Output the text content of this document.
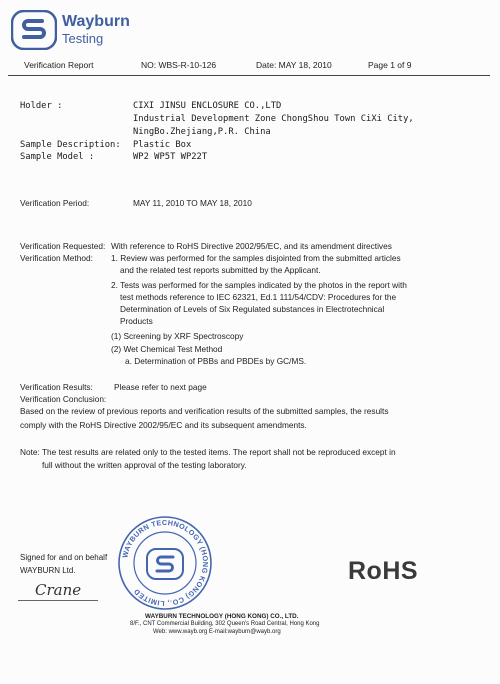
Wayburn
Testing
Verification Report	NO: WBS-R-10-126	Date: MAY 18, 2010	Page 1 of 9
Holder :	CIXI JINSU ENCLOSURE CO.,LTD
Industrial Development Zone ChongShou Town CiXi City,
NingBo.Zhejiang,P.R. China
Sample Description: Plastic Box
Sample Model :	WP2 WP5T WP22T
Verification Period:	MAY 11, 2010 TO MAY 18, 2010
Verification Requested: With reference to RoHS Directive 2002/95/EC, and its amendment directives
Verification Method: 1. Review was performed for the samples disjointed from the submitted articles
and the related test reports submitted by the Applicant.
2. Tests was performed for the samples indicated by the photos in the report with
test methods reference to IEC 62321, Ed.1 111/54/CDV: Procedures for the
Determination of Levels of Six Regulated substances in Electrotechnical
Products
(1) Screening by XRF Spectroscopy
(2) Wet Chemical Test Method
a. Determination of PBBs and PBDEs by GC/MS.
Verification Results:	Please refer to next page
Verification Conclusion:
Based on the review of previous reports and verification results of the submitted samples, the results
comply with the RoHS Directive 2002/95/EC and its subsequent amendments.
Note: The test results are related only to the tested items. The report shall not be reproduced except in
full without the written approval of the testing laboratory.
WAYBURN TECHNOLOGY (HONG KONG) CO., LIMITED
Signed for and on behalf
WAYBURN Ltd.
Crane
RoHS
WAYBURN TECHNOLOGY (HONG KONG) CO., LTD.
8/F., CNT Commercial Building, 302 Queen's Road Central, Hong Kong
Web: www.wayb.org E-mail:wayburn@wayb.org
